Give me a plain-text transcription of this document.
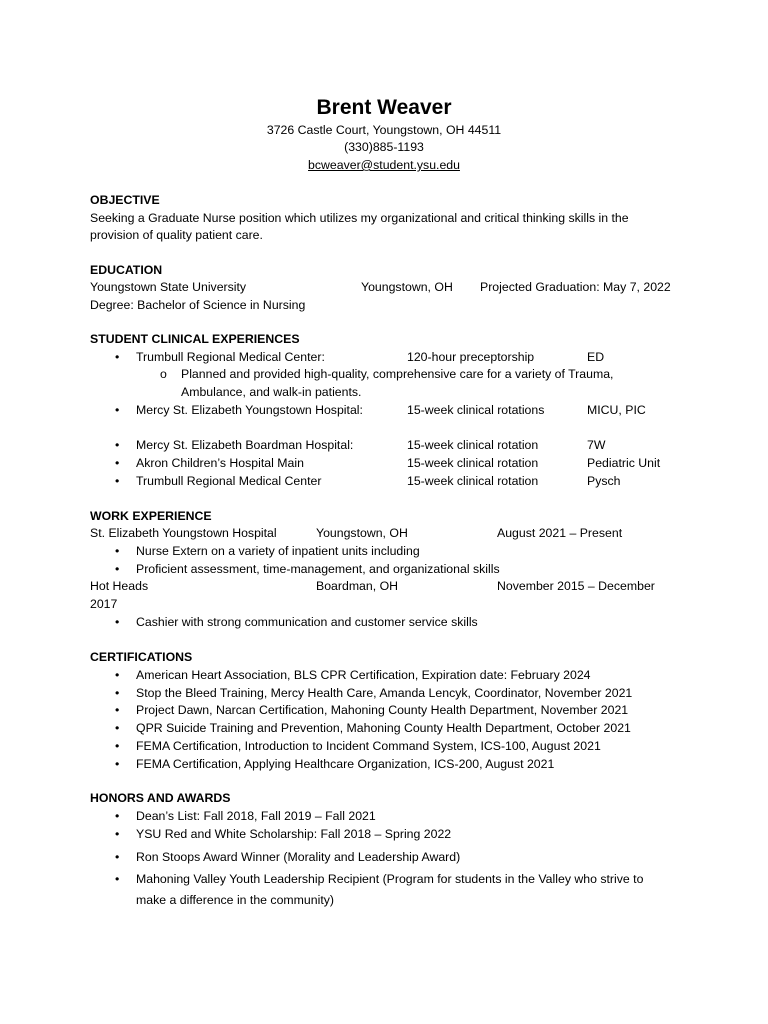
Brent Weaver
3726 Castle Court, Youngstown, OH 44511
(330)885-1193
bcweaver@student.ysu.edu
OBJECTIVE
Seeking a Graduate Nurse position which utilizes my organizational and critical thinking skills in the
provision of quality patient care.
EDUCATION
Youngstown State University	Youngstown, OH Projected Graduation: May 7, 2022
Degree: Bachelor of Science in Nursing
STUDENT CLINICAL EXPERIENCES
• Trumbull Regional Medical Center:	120-hour preceptorship	ED
o Planned and provided high-quality, comprehensive care for a variety of Trauma,
Ambulance, and walk-in patients.
• Mercy St. Elizabeth Youngstown Hospital:	15-week clinical rotations	MICU, PIC
• Mercy St. Elizabeth Boardman Hospital:	15-week clinical rotation	7W
• Akron Children’s Hospital Main	15-week clinical rotation	Pediatric Unit
• Trumbull Regional Medical Center	15-week clinical rotation	Pysch
WORK EXPERIENCE
St. Elizabeth Youngstown Hospital	Youngstown, OH	August 2021 – Present
• Nurse Extern on a variety of inpatient units including
• Proficient assessment, time-management, and organizational skills
Hot Heads	Boardman, OH	November 2015 – December
2017
• Cashier with strong communication and customer service skills
CERTIFICATIONS
• American Heart Association, BLS CPR Certification, Expiration date: February 2024
• Stop the Bleed Training, Mercy Health Care, Amanda Lencyk, Coordinator, November 2021
• Project Dawn, Narcan Certification, Mahoning County Health Department, November 2021
• QPR Suicide Training and Prevention, Mahoning County Health Department, October 2021
• FEMA Certification, Introduction to Incident Command System, ICS-100, August 2021
• FEMA Certification, Applying Healthcare Organization, ICS-200, August 2021
HONORS AND AWARDS
• Dean’s List: Fall 2018, Fall 2019 – Fall 2021
• YSU Red and White Scholarship: Fall 2018 – Spring 2022
• Ron Stoops Award Winner (Morality and Leadership Award)
• Mahoning Valley Youth Leadership Recipient (Program for students in the Valley who strive to
make a difference in the community)
